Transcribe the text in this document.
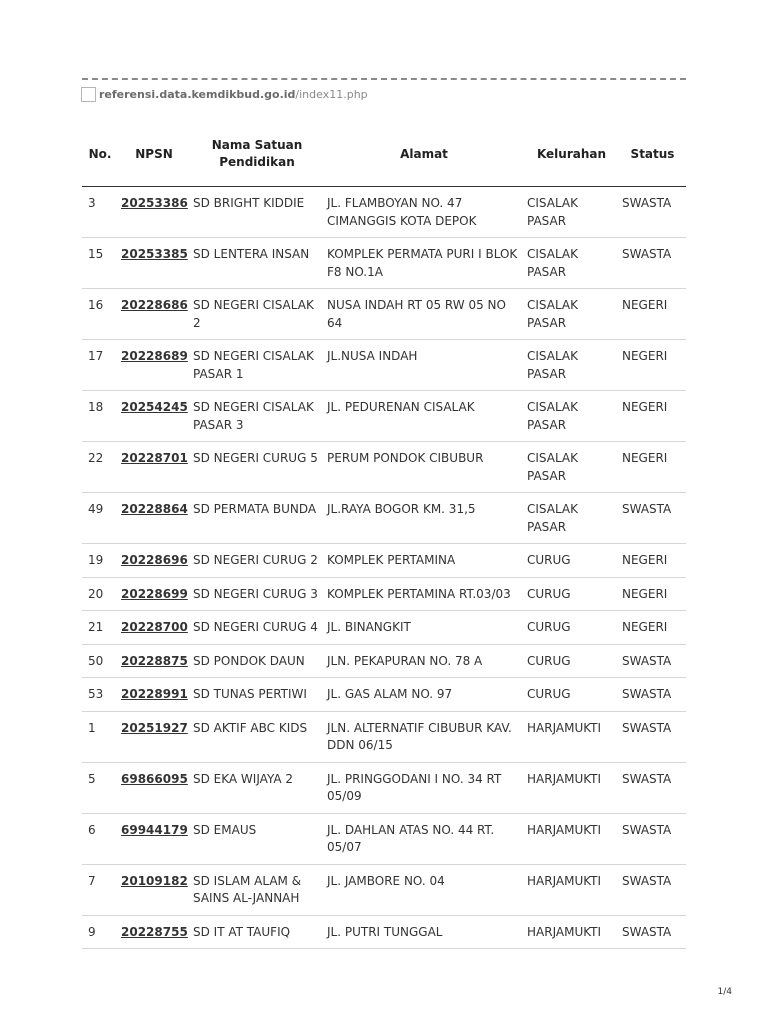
referensi.data.kemdikbud.go.id /index11.php
No.	NPSN	Nama Satuan Pendidikan	Alamat	Kelurahan	Status
3	20253386	SD BRIGHT KIDDIE	JL. FLAMBOYAN NO. 47 CIMANGGIS KOTA DEPOK	CISALAK PASAR	SWASTA
15	20253385	SD LENTERA INSAN	KOMPLEK PERMATA PURI I BLOK F8 NO.1A	CISALAK PASAR	SWASTA
16	20228686	SD NEGERI CISALAK 2	NUSA INDAH RT 05 RW 05 NO 64	CISALAK PASAR	NEGERI
17	20228689	SD NEGERI CISALAK PASAR 1	JL.NUSA INDAH	CISALAK PASAR	NEGERI
18	20254245	SD NEGERI CISALAK PASAR 3	JL. PEDURENAN CISALAK	CISALAK PASAR	NEGERI
22	20228701	SD NEGERI CURUG 5	PERUM PONDOK CIBUBUR	CISALAK PASAR	NEGERI
49	20228864	SD PERMATA BUNDA	JL.RAYA BOGOR KM. 31,5	CISALAK PASAR	SWASTA
19	20228696	SD NEGERI CURUG 2	KOMPLEK PERTAMINA	CURUG	NEGERI
20	20228699	SD NEGERI CURUG 3	KOMPLEK PERTAMINA RT.03/03	CURUG	NEGERI
21	20228700	SD NEGERI CURUG 4	JL. BINANGKIT	CURUG	NEGERI
50	20228875	SD PONDOK DAUN	JLN. PEKAPURAN NO. 78 A	CURUG	SWASTA
53	20228991	SD TUNAS PERTIWI	JL. GAS ALAM NO. 97	CURUG	SWASTA
1	20251927	SD AKTIF ABC KIDS	JLN. ALTERNATIF CIBUBUR KAV. DDN 06/15	HARJAMUKTI	SWASTA
5	69866095	SD EKA WIJAYA 2	JL. PRINGGODANI I NO. 34 RT 05/09	HARJAMUKTI	SWASTA
6	69944179	SD EMAUS	JL. DAHLAN ATAS NO. 44 RT. 05/07	HARJAMUKTI	SWASTA
7	20109182	SD ISLAM ALAM & SAINS AL-JANNAH	JL. JAMBORE NO. 04	HARJAMUKTI	SWASTA
9	20228755	SD IT AT TAUFIQ	JL. PUTRI TUNGGAL	HARJAMUKTI	SWASTA
1/4
